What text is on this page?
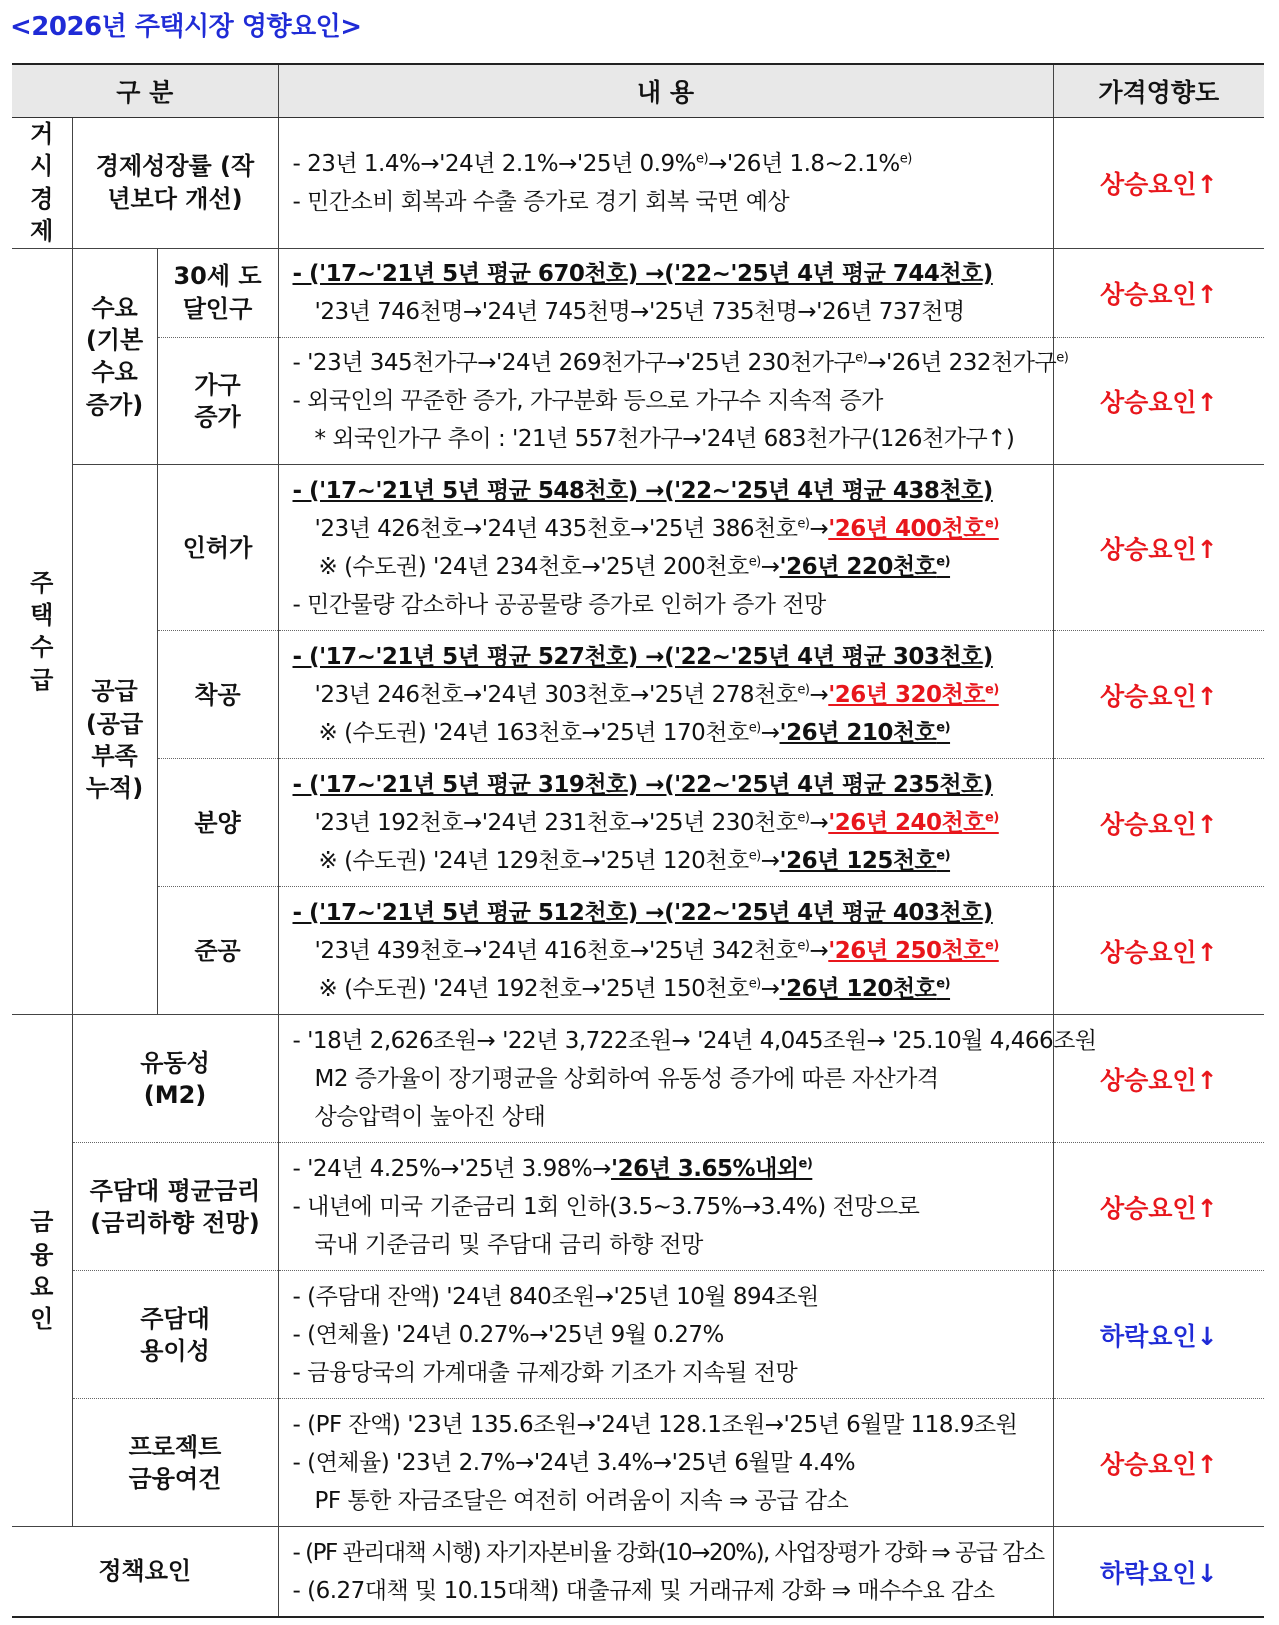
<2026년 주택시장 영향요인>
구 분			내 용	가격영향도

거시 경제	경제성장률 (작년보다 개선)		- 23년 1.4%→'24년 2.1%→'25년 0.9%$^{e)}$→'26년 1.8~2.1%$^{e)}$
- 민간소비 회복과 수출 증가로 경기 회복 국면 예상	상승요인↑

주택 수급	수요 (기본 수요 증가)	30세 도달인구	- ('17~'21년 5년 평균 670천호) →('22~'25년 4년 평균 744천호)
'23년 746천명→'24년 745천명→'25년 735천명→'26년 737천명	상승요인↑

		가구 증가	- '23년 345천가구→'24년 269천가구→'25년 230천가구$^{e)}$→'26년 232천가구$^{e)}$
- 외국인의 꾸준한 증가, 가구분화 등으로 가구수 지속적 증가
* 외국인가구 추이 : '21년 557천가구→'24년 683천가구(126천가구↑)	상승요인↑

	공급 (공급 부족 누적)	인허가	- ('17~'21년 5년 평균 548천호) →('22~'25년 4년 평균 438천호)
'23년 426천호→'24년 435천호→'25년 386천호$^{e)}$→'26년 400천호$^{e)}$
※ (수도권) '24년 234천호→'25년 200천호$^{e)}$→'26년 220천호$^{e)}$
- 민간물량 감소하나 공공물량 증가로 인허가 증가 전망	상승요인↑
		착공	- ('17~'21년 5년 평균 527천호) →('22~'25년 4년 평균 303천호)
'23년 246천호→'24년 303천호→'25년 278천호$^{e)}$→'26년 320천호$^{e)}$
※ (수도권) '24년 163천호→'25년 170천호$^{e)}$→'26년 210천호$^{e)}$	상승요인↑
		분양	- ('17~'21년 5년 평균 319천호) →('22~'25년 4년 평균 235천호)
'23년 192천호→'24년 231천호→'25년 230천호$^{e)}$→'26년 240천호$^{e)}$
※ (수도권) '24년 129천호→'25년 120천호$^{e)}$→'26년 125천호$^{e)}$	상승요인↑
		준공	- ('17~'21년 5년 평균 512천호) →('22~'25년 4년 평균 403천호)
'23년 439천호→'24년 416천호→'25년 342천호$^{e)}$→'26년 250천호$^{e)}$
※ (수도권) '24년 192천호→'25년 150천호$^{e)}$→'26년 120천호$^{e)}$	상승요인↑

금융 요인	유동성 (M2)		- '18년 2,626조원→ '22년 3,722조원→ '24년 4,045조원→ '25.10월 4,466조원
M2 증가율이 장기평균을 상회하여 유동성 증가에 따른 자산가격
상승압력이 높아진 상태	상승요인↑

	주담대 평균금리 (금리하향 전망)		- '24년 4.25%→'25년 3.98%→'26년 3.65%내외$^{e)}$
- 내년에 미국 기준금리 1회 인하(3.5~3.75%→3.4%) 전망으로
국내 기준금리 및 주담대 금리 하향 전망	상승요인↑

	주담대 용이성		- (주담대 잔액) '24년 840조원→'25년 10월 894조원
- (연체율) '24년 0.27%→'25년 9월 0.27%
- 금융당국의 가계대출 규제강화 기조가 지속될 전망	하락요인↓

	프로젝트 금융여건		- (PF 잔액) '23년 135.6조원→'24년 128.1조원→'25년 6월말 118.9조원
- (연체율) '23년 2.7%→'24년 3.4%→'25년 6월말 4.4%
PF 통한 자금조달은 여전히 어려움이 지속 ⇒ 공급 감소	상승요인↑
정책요인			- (PF 관리대책 시행) 자기자본비율 강화(10→20%), 사업장평가 강화 ⇒ 공급 감소
- (6.27대책 및 10.15대책) 대출규제 및 거래규제 강화 ⇒ 매수수요 감소	하락요인↓
